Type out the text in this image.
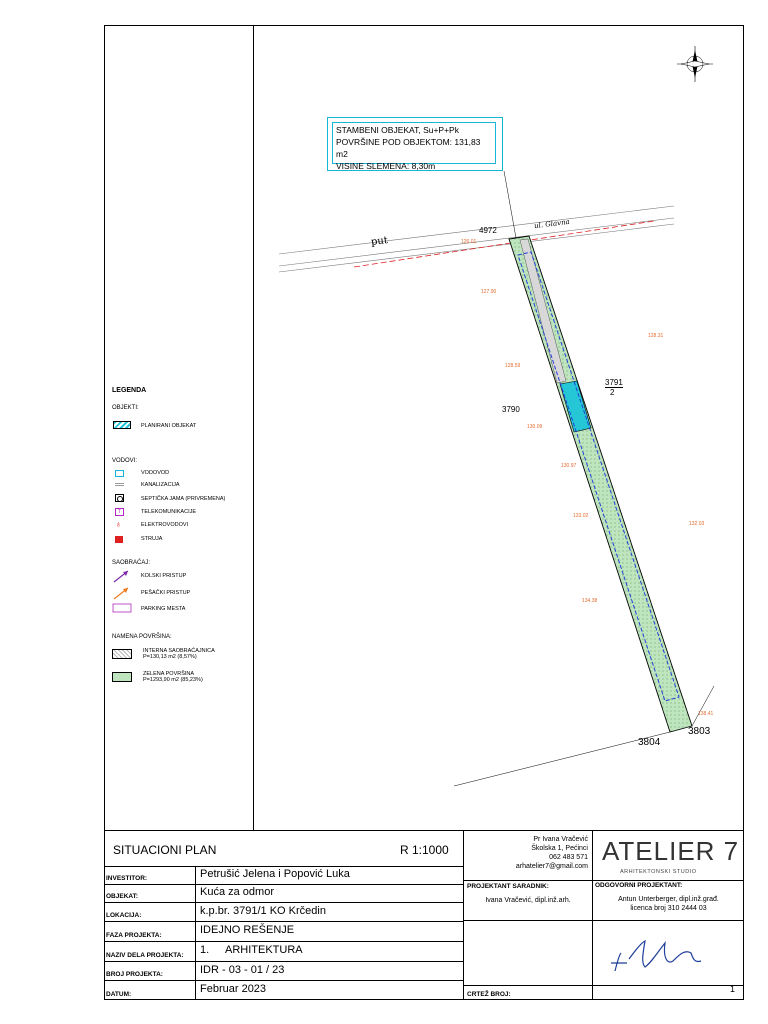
STAMBENI OBJEKAT, Su+P+Pk
POVRŠINE POD OBJEKTOM: 131,83 m2
VISINE SLEMENA: 8,30m
put
ul. Glavna
4972
3790
3791
2
3804
3803
126.01
127.90
128.59
128.31
130.09
130.97
132.03
133.02
134.38
138.41
LEGENDA
OBJEKTI:
PLANIRANI OBJEKAT
VODOVI:
VODOVOD
KANALIZACIJA
SEPTIČKA JAMA (PRIVREMENA)
T	TELEKOMUNIKACIJE
♁	ELEKTROVODOVI
STRUJA
SAOBRAĆAJ:
KOLSKI PRISTUP
PEŠAČKI PRISTUP
PARKING MESTA
NAMENA POVRŠINA:
INTERNA SAOBRAĆAJNICA
P=130,13 m2 (8,57%)
ZELENA POVRŠINA
P=1293,90 m2 (85,23%)
SITUACIONI PLAN	R 1:1000
Pr Ivana Vračević
Školska 1, Pećinci
062 483 571
arhatelier7@gmail.com
ATELIER 7
ARHITEKTONSKI STUDIO
INVESTITOR:	Petrušić Jelena i Popović Luka
OBJEKAT:	Kuća za odmor
LOKACIJA:	k.p.br. 3791/1 KO Krčedin
FAZA PROJEKTA:	IDEJNO REŠENJE
NAZIV DELA PROJEKTA: 1. ARHITEKTURA
BROJ PROJEKTA:	IDR - 03 - 01 / 23
DATUM:	Februar 2023
PROJEKTANT SARADNIK:
Ivana Vračević, dipl.inž.arh.
ODGOVORNI PROJEKTANT:
Antun Unterberger, dipl.inž.građ.
licenca broj 310 2444 03
CRTEŽ BROJ:
1
